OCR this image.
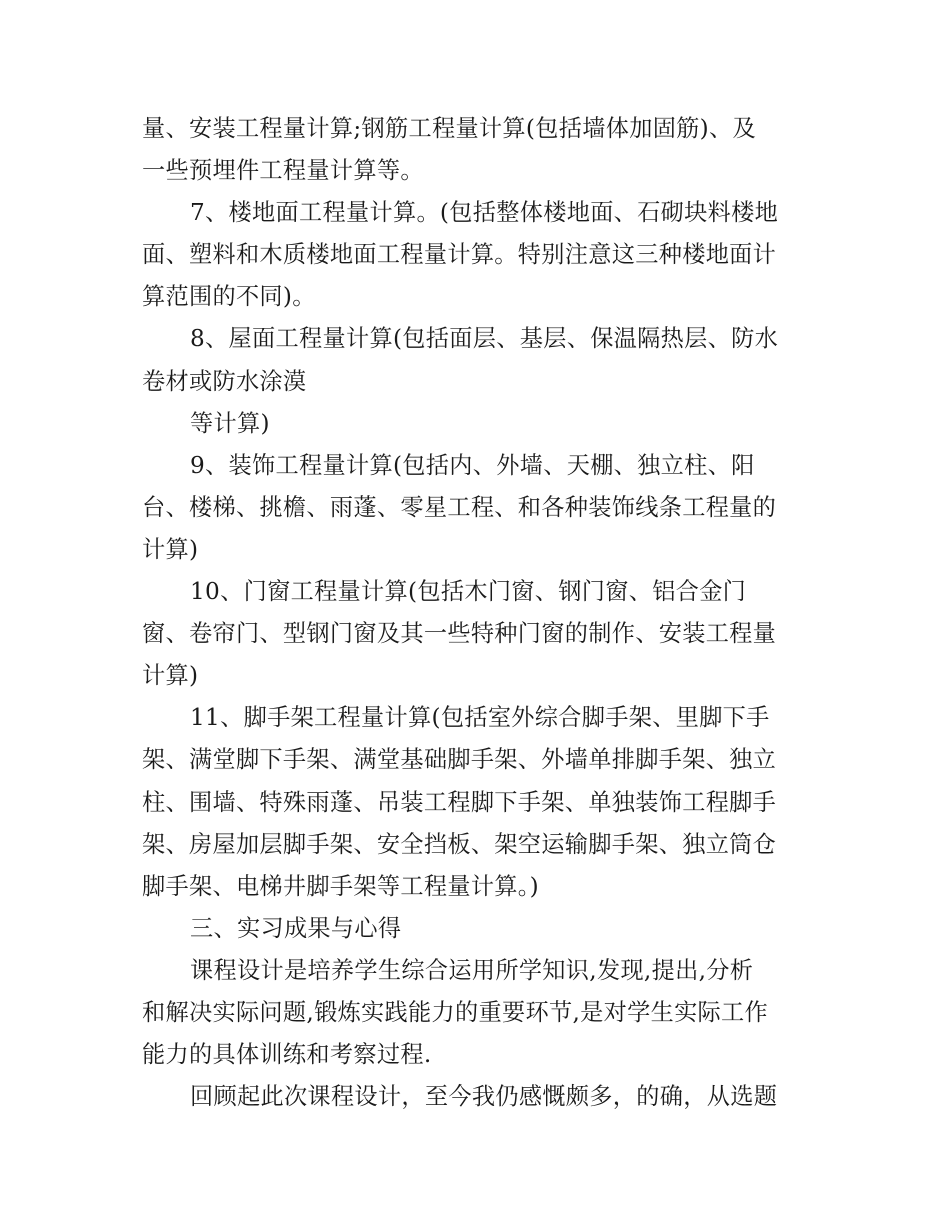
量、安装工程量计算;钢筋工程量计算(包括墙体加固筋)、及
一些预埋件工程量计算等。
7、楼地面工程量计算。(包括整体楼地面、石砌块料楼地
面、塑料和木质楼地面工程量计算。特别注意这三种楼地面计
算范围的不同)。
8、屋面工程量计算(包括面层、基层、保温隔热层、防水
卷材或防水涂漠
等计算)
9、装饰工程量计算(包括内、外墙、天棚、独立柱、阳
台、楼梯、挑檐、雨蓬、零星工程、和各种装饰线条工程量的
计算)
10、门窗工程量计算(包括木门窗、钢门窗、铝合金门
窗、卷帘门、型钢门窗及其一些特种门窗的制作、安装工程量
计算)
11、脚手架工程量计算(包括室外综合脚手架、里脚下手
架、满堂脚下手架、满堂基础脚手架、外墙单排脚手架、独立
柱、围墙、特殊雨蓬、吊装工程脚下手架、单独装饰工程脚手
架、房屋加层脚手架、安全挡板、架空运输脚手架、独立筒仓
脚手架、电梯井脚手架等工程量计算。)
三、实习成果与心得
课程设计是培养学生综合运用所学知识,发现,提出,分析
和解决实际问题,锻炼实践能力的重要环节,是对学生实际工作
能力的具体训练和考察过程.
回顾起此次课程设计，至今我仍感慨颇多，的确，从选题
